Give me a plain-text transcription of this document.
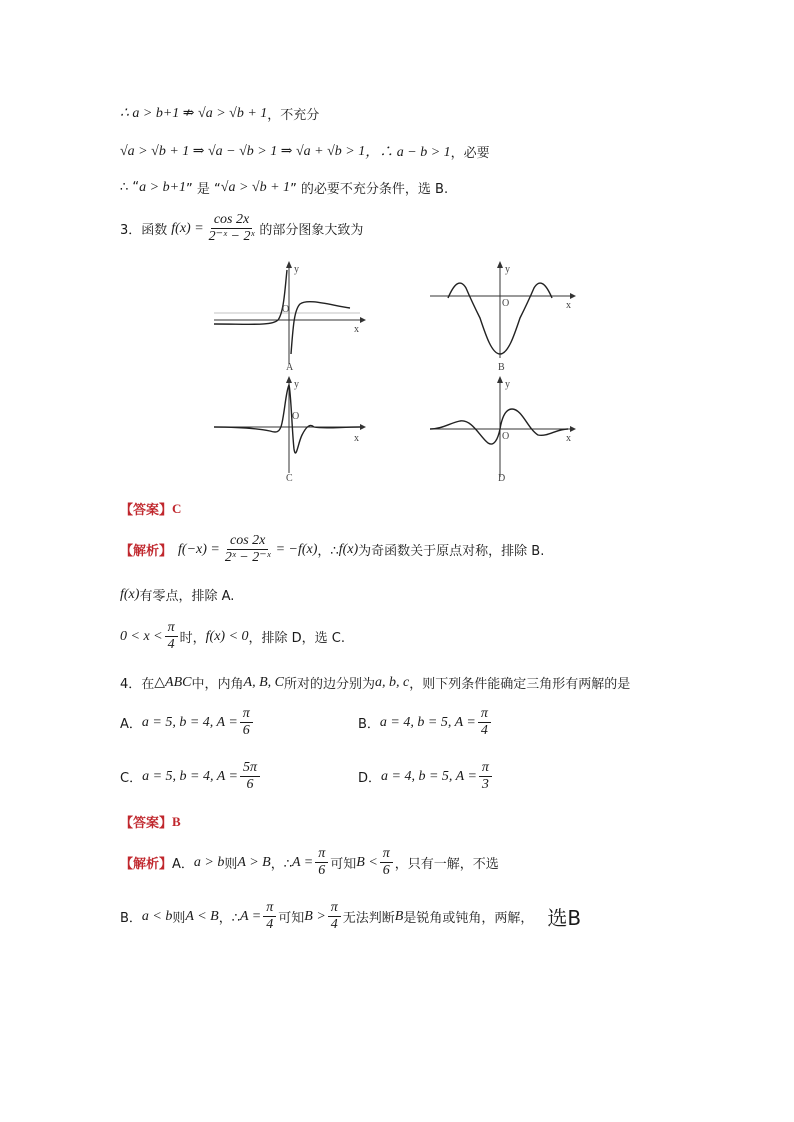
∴ a > b+1 ⇏ √a > √b + 1 ，不充分
√a > √b + 1 ⇒ √a − √b > 1 ⇒ √a + √b > 1 ，∴ a − b > 1 ，必要
∴ “ a > b+1 ” 是 “ √a > √b + 1 ” 的必要不充分条件，选 B.
3．函数 $f(x) = \frac{\cos 2x}{\text{2⁻ˣ − 2ˣ}}$ 的部分图象大致为
y
x
O
A
y
x
O
B
y
x
O
C
y
x
O
D
【答案】 C
【解析】 $f(-x) = \frac{\cos 2x}{\text{2ˣ − 2⁻ˣ}} = -f(x)$ ，∴ f(x) 为奇函数关于原点对称，排除 B.
f(x) 有零点，排除 A.
$0 < x < \frac{\pi}{4}$ 时， f(x) < 0 ，排除 D，选 C.
4．在 △ABC 中，内角 A, B, C 所对的边分别为 a, b, c ，则下列条件能确定三角形有两解的是
A． a = 5, b = 4, $A = \frac{\pi}{6}$	B． a = 4, b = 5, $A = \frac{\pi}{4}$
C． a = 5, b = 4, $A = \frac{5\pi}{6}$	D． a = 4, b = 5, $A = \frac{\pi}{3}$
【答案】 B
【解析】 A． a > b 则 A > B ，∴ $A = \frac{\pi}{6}$ 可知 $B < \frac{\pi}{6}$ ，只有一解，不选
B． a < b 则 A < B ，∴ $A = \frac{\pi}{4}$ 可知 $B > \frac{\pi}{4}$ 无法判断 B 是锐角或钝角，两解， 选B
